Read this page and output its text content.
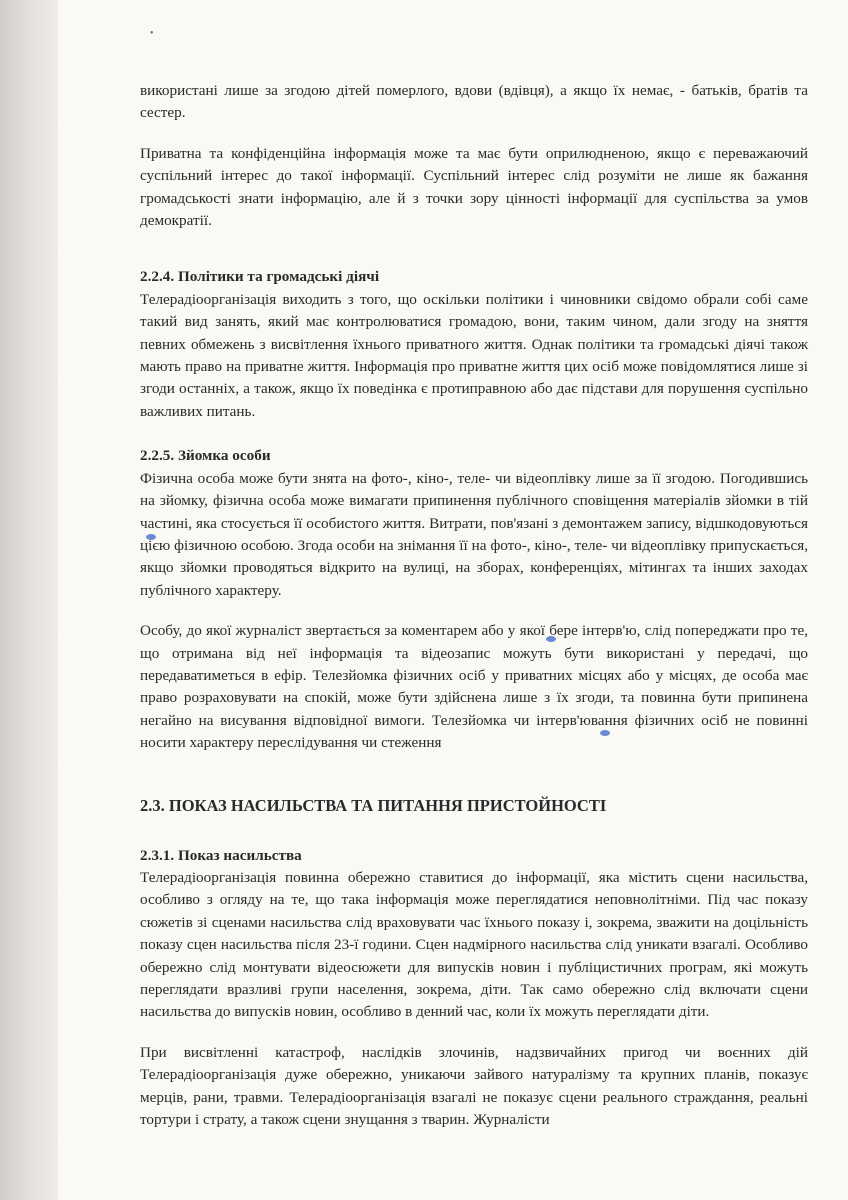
•

використані лише за згодою дітей померлого, вдови (вдівця), а якщо їх немає, - батьків, братів та сестер.

Приватна та конфіденційна інформація може та має бути оприлюдненою, якщо є переважаючий суспільний інтерес до такої інформації. Суспільний інтерес слід розуміти не лише як бажання громадськості знати інформацію, але й з точки зору цінності інформації для суспільства за умов демократії.

2.2.4. Політики та громадські діячі

Телерадіоорганізація виходить з того, що оскільки політики і чиновники свідомо обрали собі саме такий вид занять, який має контролюватися громадою, вони, таким чином, дали згоду на зняття певних обмежень з висвітлення їхнього приватного життя. Однак політики та громадські діячі також мають право на приватне життя. Інформація про приватне життя цих осіб може повідомлятися лише зі згоди останніх, а також, якщо їх поведінка є протиправною або дає підстави для порушення суспільно важливих питань.

2.2.5. Зйомка особи

Фізична особа може бути знята на фото-, кіно-, теле- чи відеоплівку лише за її згодою. Погодившись на зйомку, фізична особа може вимагати припинення публічного сповіщення матеріалів зйомки в тій частині, яка стосується її особистого життя. Витрати, пов'язані з демонтажем запису, відшкодовуються цією фізичною особою. Згода особи на знімання її на фото-, кіно-, теле- чи відеоплівку припускається, якщо зйомки проводяться відкрито на вулиці, на зборах, конференціях, мітингах та інших заходах публічного характеру.

Особу, до якої журналіст звертається за коментарем або у якої бере інтерв'ю, слід попереджати про те, що отримана від неї інформація та відеозапис можуть бути використані у передачі, що передаватиметься в ефір. Телезйомка фізичних осіб у приватних місцях або у місцях, де особа має право розраховувати на спокій, може бути здійснена лише з їх згоди, та повинна бути припинена негайно на висування відповідної вимоги. Телезйомка чи інтерв'ювання фізичних осіб не повинні носити характеру переслідування чи стеження

2.3. ПОКАЗ НАСИЛЬСТВА ТА ПИТАННЯ ПРИСТОЙНОСТІ
2.3.1. Показ насильства

Телерадіоорганізація повинна обережно ставитися до інформації, яка містить сцени насильства, особливо з огляду на те, що така інформація може переглядатися неповнолітніми. Під час показу сюжетів зі сценами насильства слід враховувати час їхнього показу і, зокрема, зважити на доцільність показу сцен насильства після 23-ї години. Сцен надмірного насильства слід уникати взагалі. Особливо обережно слід монтувати відеосюжети для випусків новин і публіцистичних програм, які можуть переглядати вразливі групи населення, зокрема, діти. Так само обережно слід включати сцени насильства до випусків новин, особливо в денний час, коли їх можуть переглядати діти.

При висвітленні катастроф, наслідків злочинів, надзвичайних пригод чи воєнних дій Телерадіоорганізація дуже обережно, уникаючи зайвого натуралізму та крупних планів, показує мерців, рани, травми. Телерадіоорганізація взагалі не показує сцени реального страждання, реальні тортури і страту, а також сцени знущання з тварин. Журналісти
